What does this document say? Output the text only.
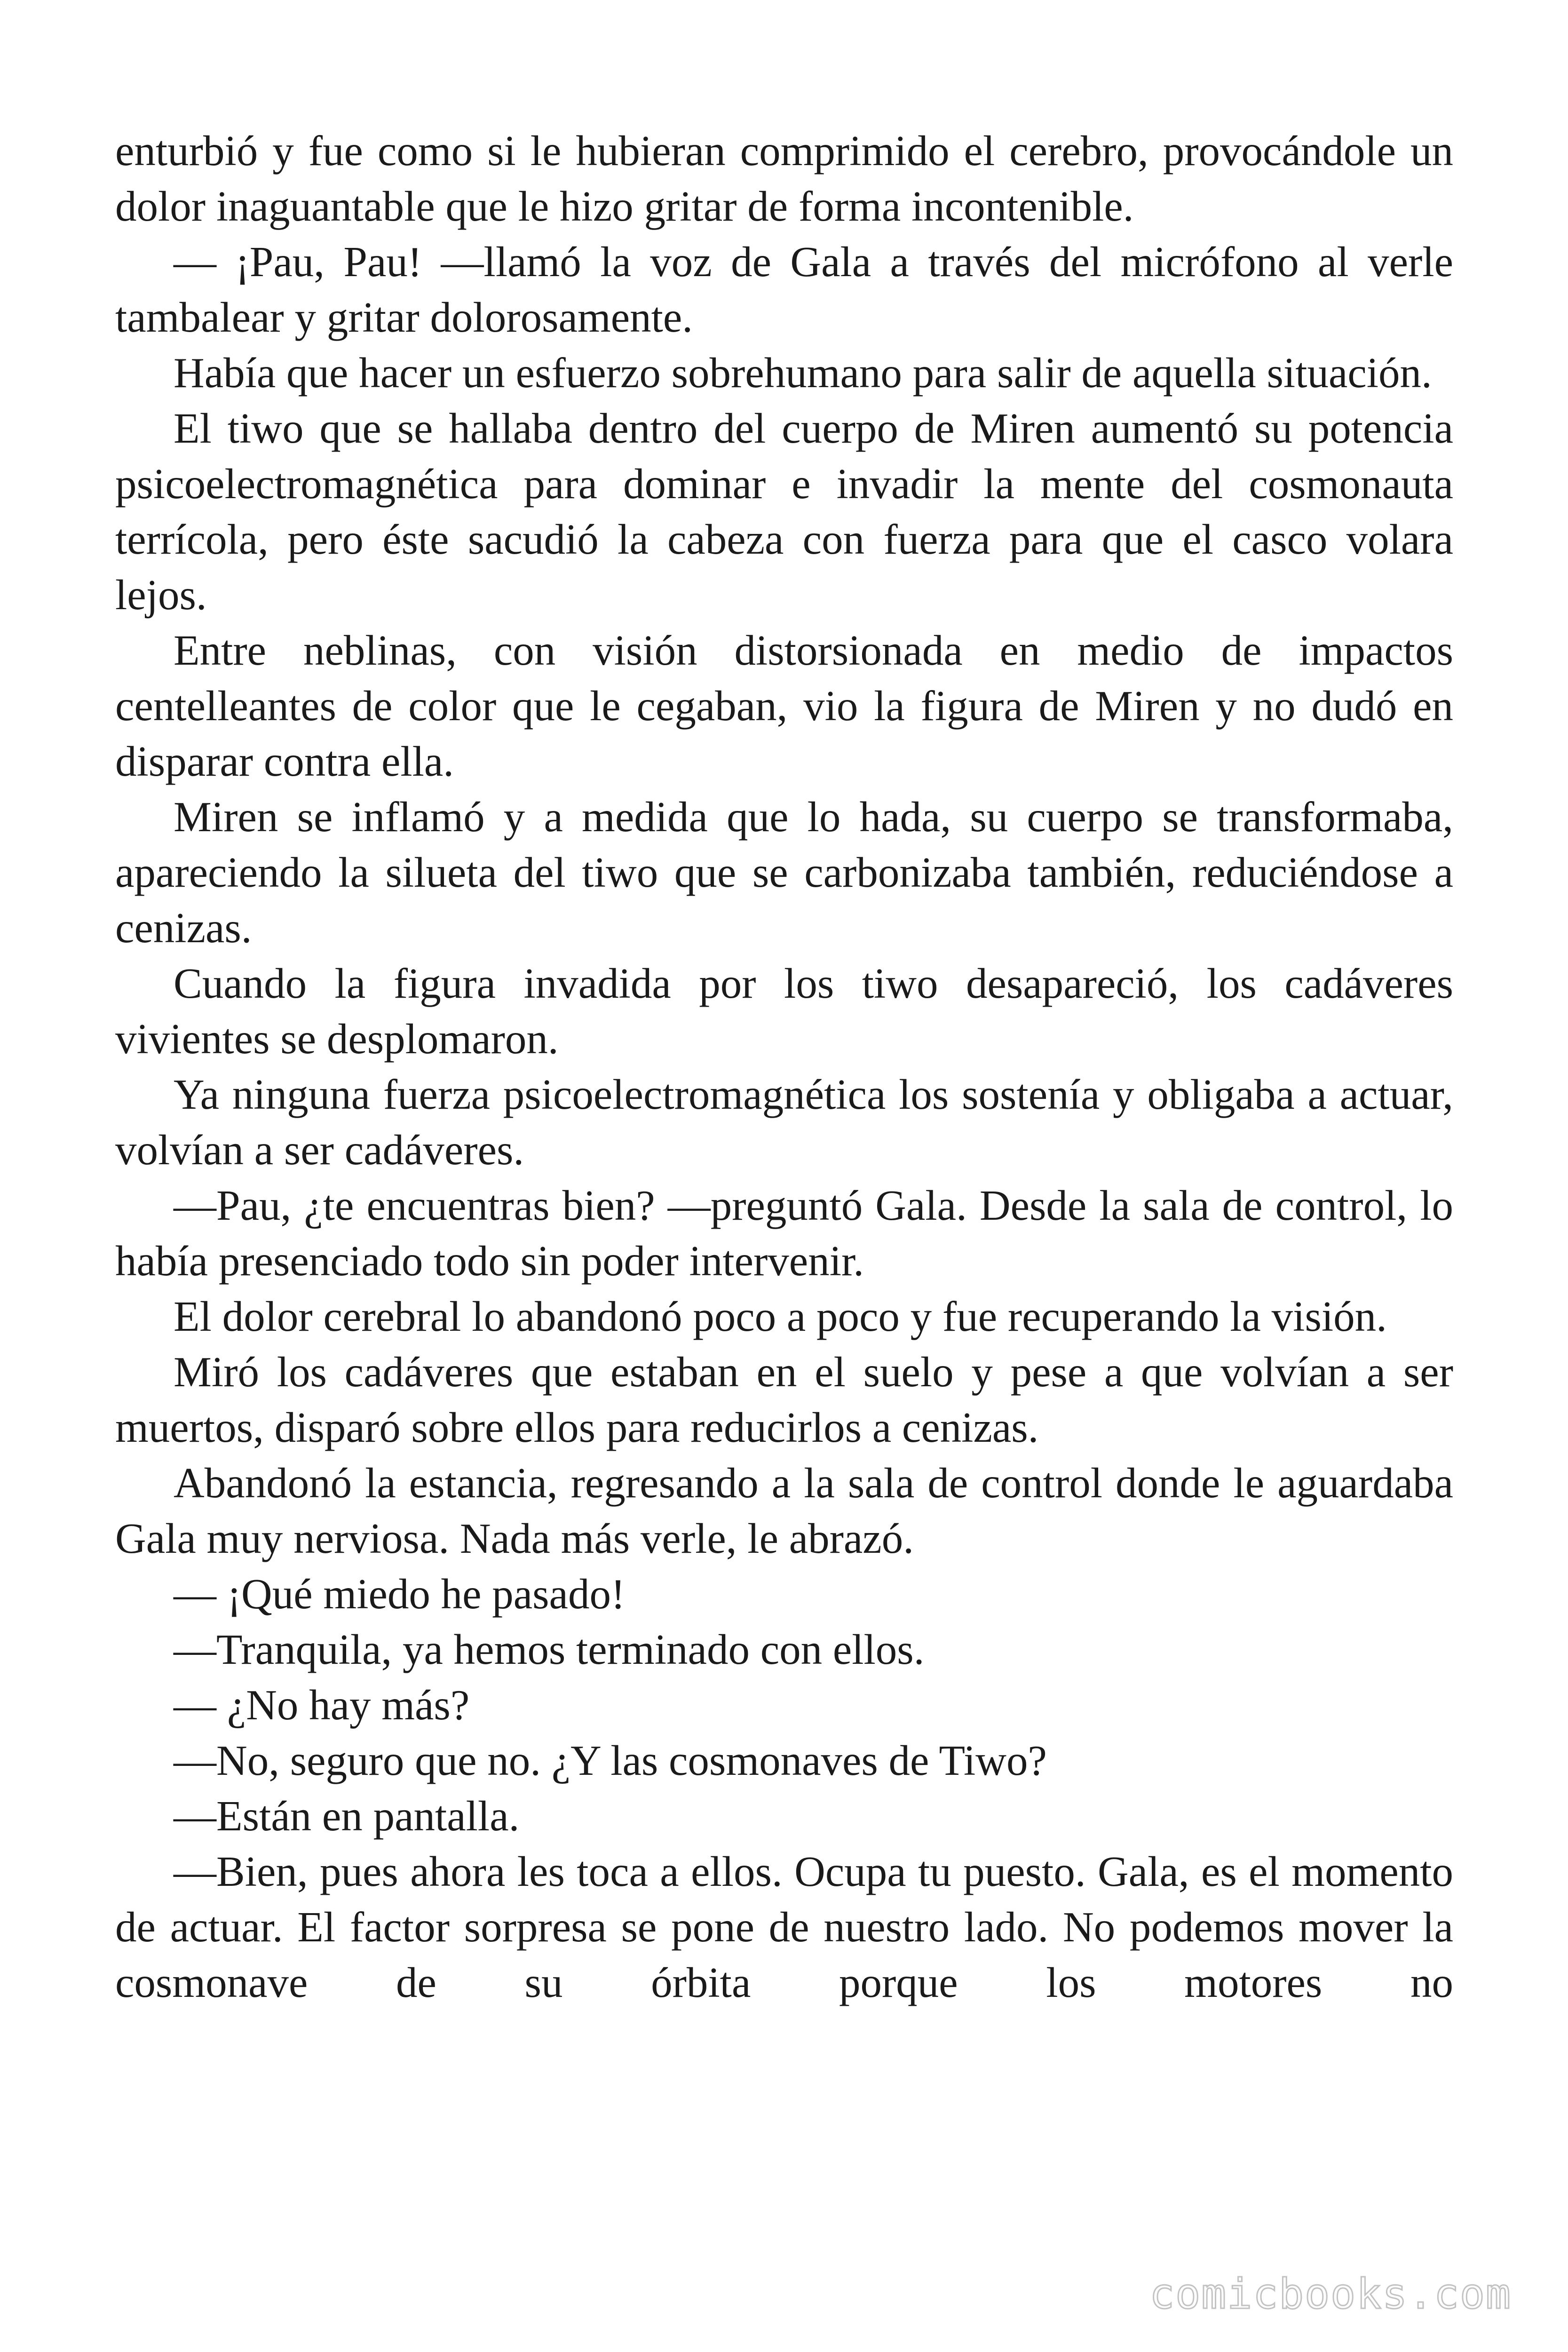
enturbió y fue como si le hubieran comprimido el cerebro, provocándole un dolor inaguantable que le hizo gritar de forma incontenible.

— ¡Pau, Pau! —llamó la voz de Gala a través del micrófono al verle tambalear y gritar dolorosamente.

Había que hacer un esfuerzo sobrehumano para salir de aquella situación.

El tiwo que se hallaba dentro del cuerpo de Miren aumentó su potencia psicoelectromagnética para dominar e invadir la mente del cosmonauta terrícola, pero éste sacudió la cabeza con fuerza para que el casco volara lejos.

Entre neblinas, con visión distorsionada en medio de impactos centelleantes de color que le cegaban, vio la figura de Miren y no dudó en disparar contra ella.

Miren se inflamó y a medida que lo hada, su cuerpo se transformaba, apareciendo la silueta del tiwo que se carbonizaba también, reduciéndose a cenizas.

Cuando la figura invadida por los tiwo desapareció, los cadáveres vivientes se desplomaron.

Ya ninguna fuerza psicoelectromagnética los sostenía y obligaba a actuar, volvían a ser cadáveres.

—Pau, ¿te encuentras bien? —preguntó Gala. Desde la sala de control, lo había presenciado todo sin poder intervenir.

El dolor cerebral lo abandonó poco a poco y fue recuperando la visión.

Miró los cadáveres que estaban en el suelo y pese a que volvían a ser muertos, disparó sobre ellos para reducirlos a cenizas.

Abandonó la estancia, regresando a la sala de control donde le aguardaba Gala muy nerviosa. Nada más verle, le abrazó.

— ¡Qué miedo he pasado!

—Tranquila, ya hemos terminado con ellos.

— ¿No hay más?

—No, seguro que no. ¿Y las cosmonaves de Tiwo?

—Están en pantalla.

—Bien, pues ahora les toca a ellos. Ocupa tu puesto. Gala, es el momento de actuar. El factor sorpresa se pone de nuestro lado. No podemos mover la cosmonave de su órbita porque los motores no

comicbooks.com
